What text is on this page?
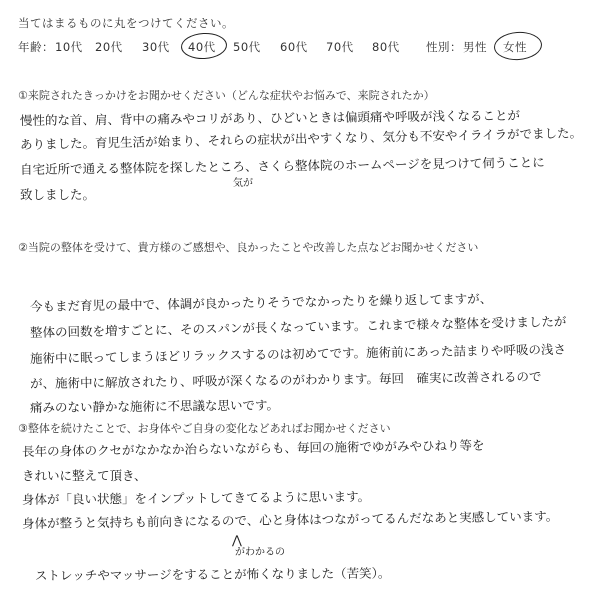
当てはまるものに丸をつけてください。
年齢： 10代 20代 30代 40代 50代 60代 70代 80代 性別： 男性 女性
①来院されたきっかけをお聞かせください（どんな症状やお悩みで、来院されたか）
慢性的な首、肩、背中の痛みやコリがあり、ひどいときは偏頭痛や呼吸が浅くなることが
ありました。育児生活が始まり、それらの症状が出やすくなり、気分も不安やイライラがでました。
気が
自宅近所で通える整体院を探したところ、さくら整体院のホームページを見つけて伺うことに
致しました。
②当院の整体を受けて、貴方様のご感想や、良かったことや改善した点などお聞かせください
今もまだ育児の最中で、体調が良かったりそうでなかったりを繰り返してますが、
整体の回数を増すごとに、そのスパンが長くなっています。これまで様々な整体を受けましたが
施術中に眠ってしまうほどリラックスするのは初めてです。施術前にあった詰まりや呼吸の浅さ
が、施術中に解放されたり、呼吸が深くなるのがわかります。毎回　確実に改善されるので
痛みのない静かな施術に不思議な思いです。
③整体を続けたことで、お身体やご自身の変化などあればお聞かせください
長年の身体のクセがなかなか治らないながらも、毎回の施術でゆがみやひねり等を
きれいに整えて頂き、
身体が「良い状態」をインプットしてきてるように思います。
身体が整うと気持ちも前向きになるので、心と身体はつながってるんだなあと実感しています。
⋀
がわかるの
ストレッチやマッサージをすることが怖くなりました（苦笑）。
